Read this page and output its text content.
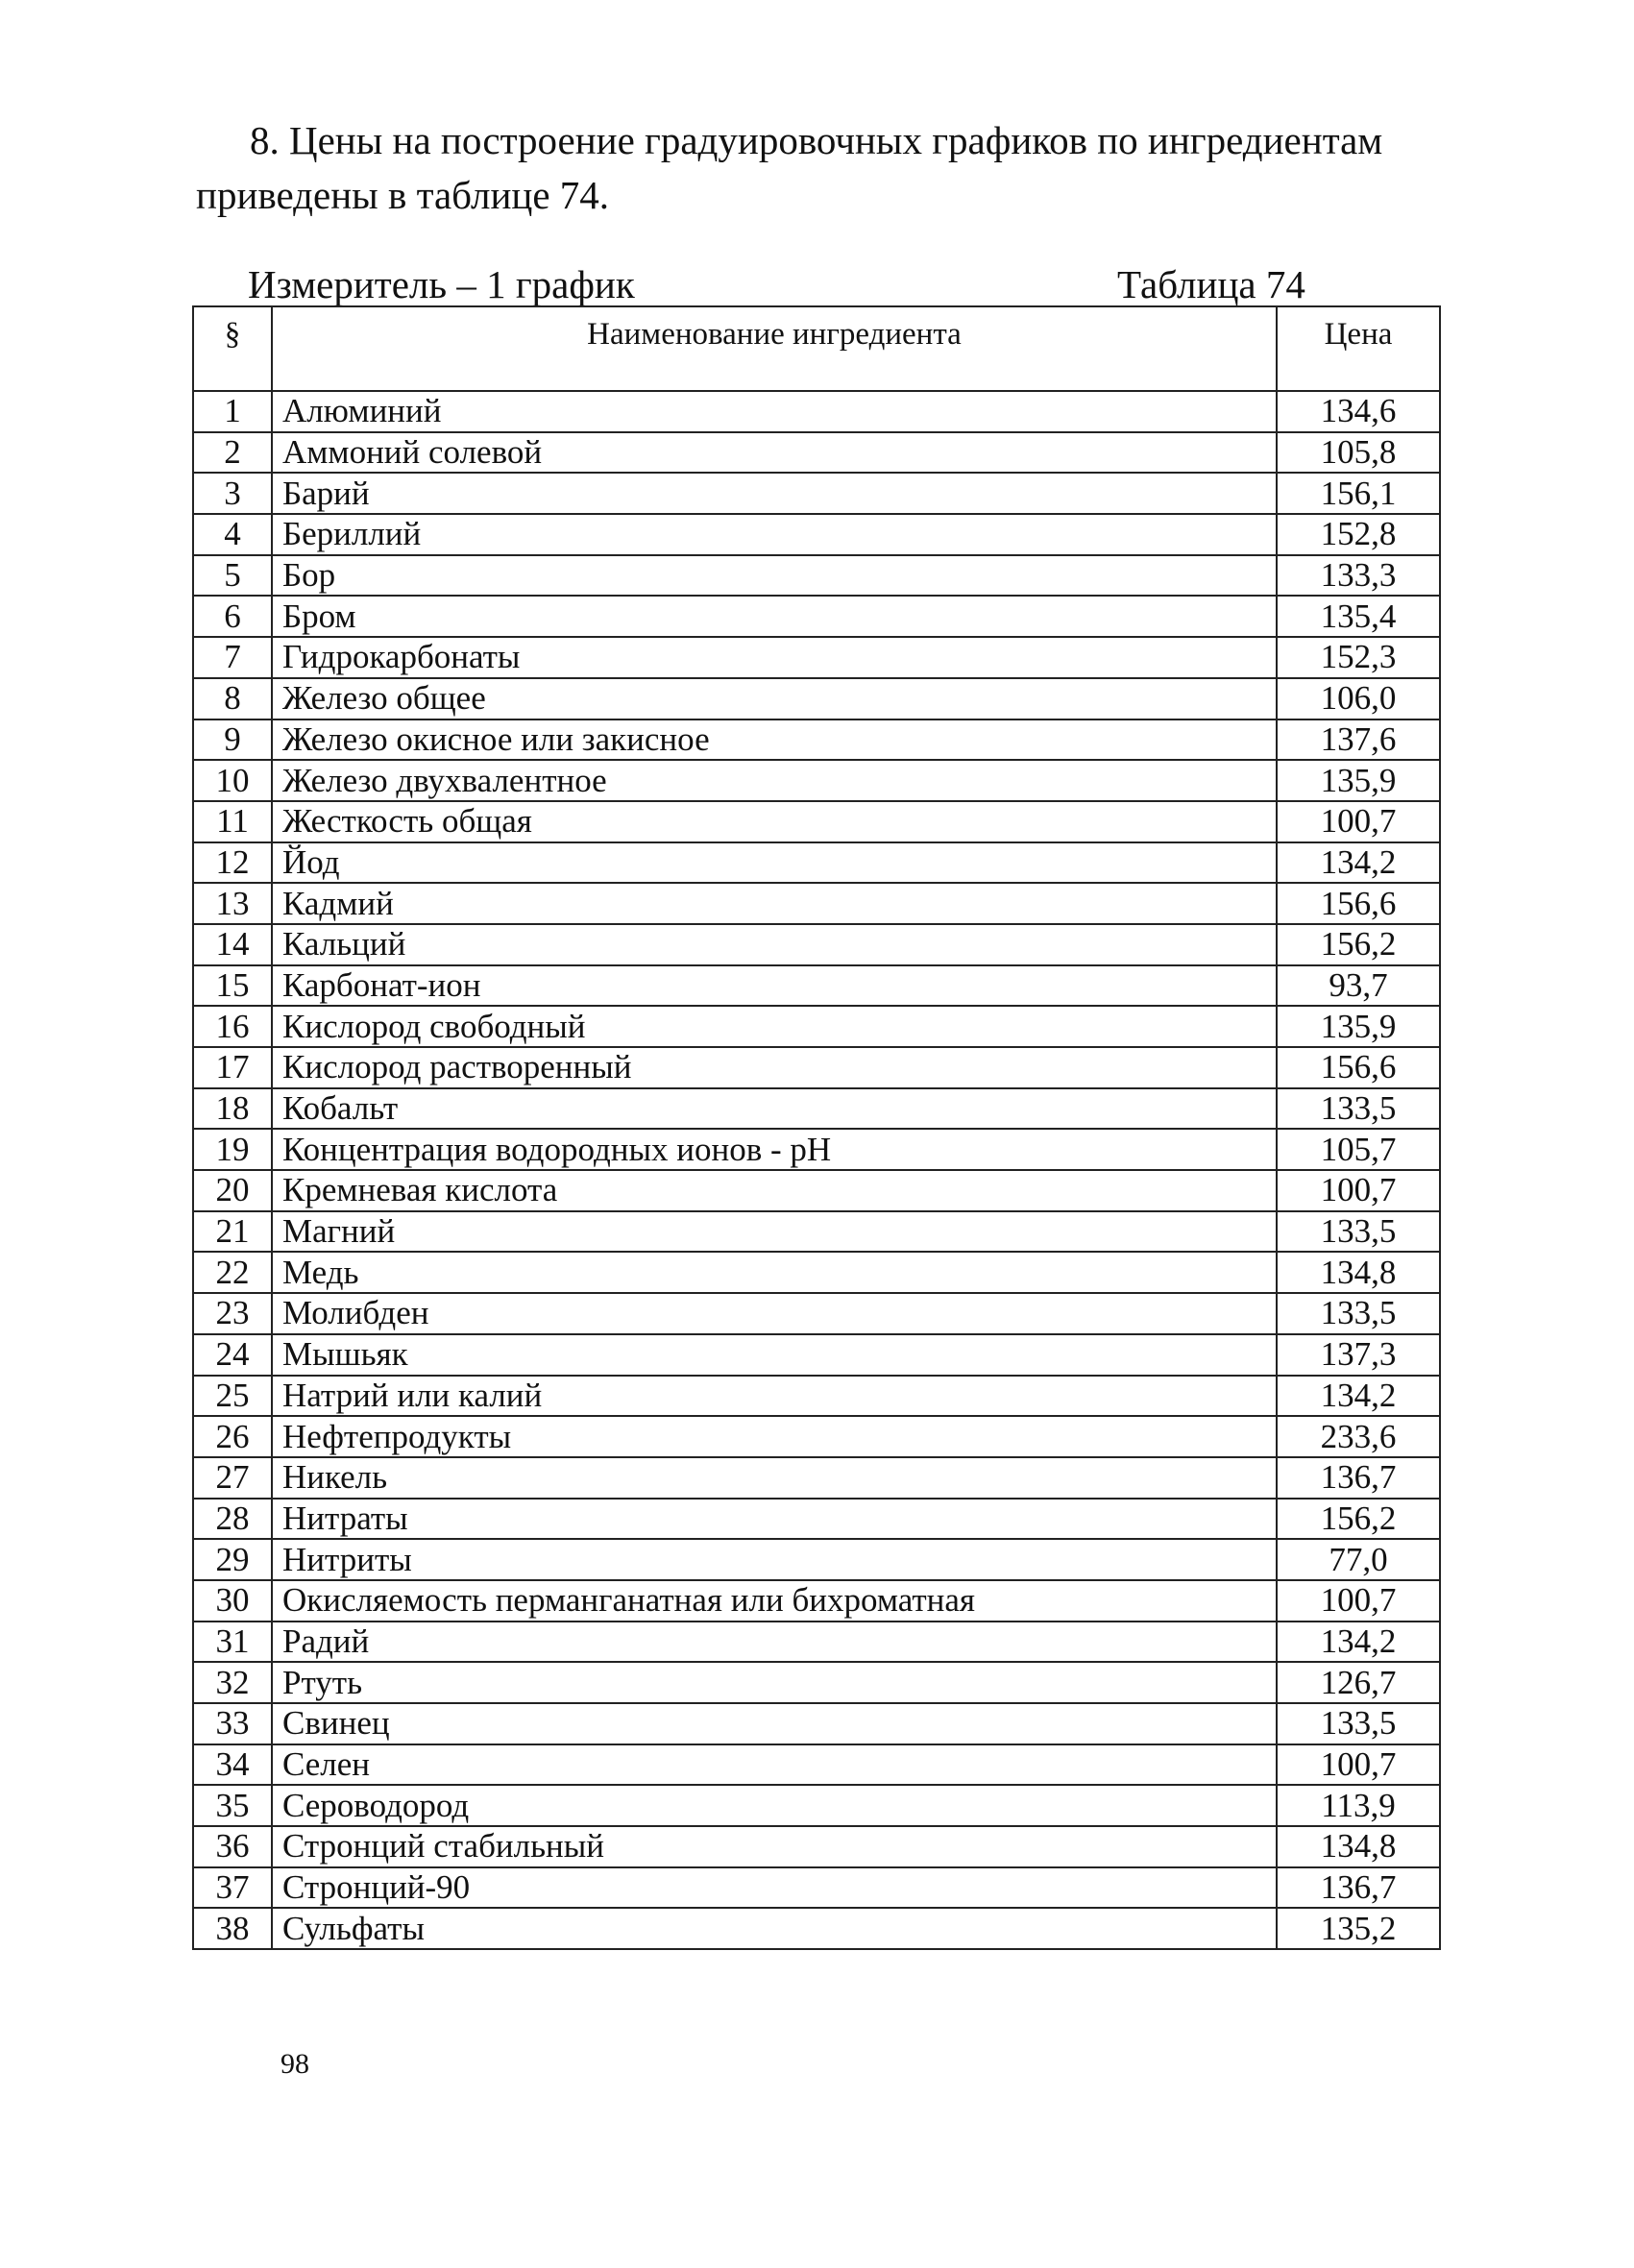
8. Цены на построение градуировочных графиков по ингредиентам приведены в таблице 74.

Измеритель – 1 график	Таблица 74
§	Наименование ингредиента	Цена
1	Алюминий	134,6
2	Аммоний солевой	105,8
3	Барий	156,1
4	Бериллий	152,8
5	Бор	133,3
6	Бром	135,4
7	Гидрокарбонаты	152,3
8	Железо общее	106,0
9	Железо окисное или закисное	137,6
10	Железо двухвалентное	135,9
11	Жесткость общая	100,7
12	Йод	134,2
13	Кадмий	156,6
14	Кальций	156,2
15	Карбонат-ион	93,7
16	Кислород свободный	135,9
17	Кислород растворенный	156,6
18	Кобальт	133,5
19	Концентрация водородных ионов - pH	105,7
20	Кремневая кислота	100,7
21	Магний	133,5
22	Медь	134,8
23	Молибден	133,5
24	Мышьяк	137,3
25	Натрий или калий	134,2
26	Нефтепродукты	233,6
27	Никель	136,7
28	Нитраты	156,2
29	Нитриты	77,0
30	Окисляемость перманганатная или бихроматная	100,7
31	Радий	134,2
32	Ртуть	126,7
33	Свинец	133,5
34	Селен	100,7
35	Сероводород	113,9
36	Стронций стабильный	134,8
37	Стронций-90	136,7
38	Сульфаты	135,2
98
